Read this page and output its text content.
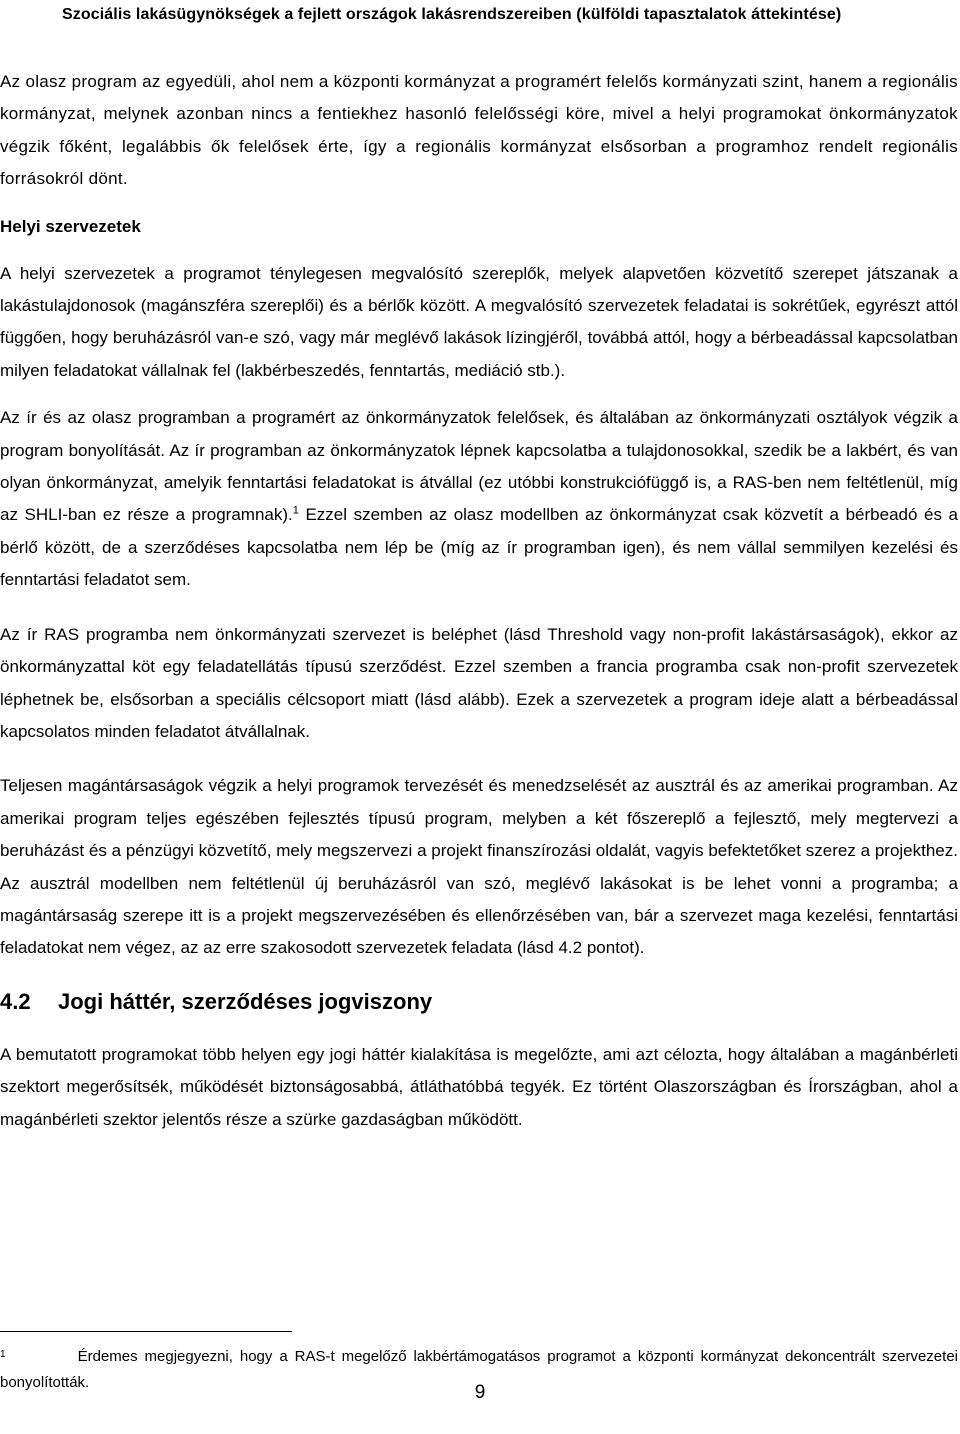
Szociális lakásügynökségek a fejlett országok lakásrendszereiben (külföldi tapasztalatok áttekintése)

Az olasz program az egyedüli, ahol nem a központi kormányzat a programért felelős kormányzati szint, hanem a regionális kormányzat, melynek azonban nincs a fentiekhez hasonló felelősségi köre, mivel a helyi programokat önkormányzatok végzik főként, legalábbis ők felelősek érte, így a regionális kormányzat elsősorban a programhoz rendelt regionális forrásokról dönt.

Helyi szervezetek

A helyi szervezetek a programot ténylegesen megvalósító szereplők, melyek alapvetően közvetítő szerepet játszanak a lakástulajdonosok (magánszféra szereplői) és a bérlők között. A megvalósító szervezetek feladatai is sokrétűek, egyrészt attól függően, hogy beruházásról van-e szó, vagy már meglévő lakások lízingjéről, továbbá attól, hogy a bérbeadással kapcsolatban milyen feladatokat vállalnak fel (lakbérbeszedés, fenntartás, mediáció stb.).

Az ír és az olasz programban a programért az önkormányzatok felelősek, és általában az önkormányzati osztályok végzik a program bonyolítását. Az ír programban az önkormányzatok lépnek kapcsolatba a tulajdonosokkal, szedik be a lakbért, és van olyan önkormányzat, amelyik fenntartási feladatokat is átvállal (ez utóbbi konstrukciófüggő is, a RAS-ben nem feltétlenül, míg az SHLI-ban ez része a programnak).$^1$ Ezzel szemben az olasz modellben az önkormányzat csak közvetít a bérbeadó és a bérlő között, de a szerződéses kapcsolatba nem lép be (míg az ír programban igen), és nem vállal semmilyen kezelési és fenntartási feladatot sem.

Az ír RAS programba nem önkormányzati szervezet is beléphet (lásd Threshold vagy non-profit lakástársaságok), ekkor az önkormányzattal köt egy feladatellátás típusú szerződést. Ezzel szemben a francia programba csak non-profit szervezetek léphetnek be, elsősorban a speciális célcsoport miatt (lásd alább). Ezek a szervezetek a program ideje alatt a bérbeadással kapcsolatos minden feladatot átvállalnak.

Teljesen magántársaságok végzik a helyi programok tervezését és menedzselését az ausztrál és az amerikai programban. Az amerikai program teljes egészében fejlesztés típusú program, melyben a két főszereplő a fejlesztő, mely megtervezi a beruházást és a pénzügyi közvetítő, mely megszervezi a projekt finanszírozási oldalát, vagyis befektetőket szerez a projekthez. Az ausztrál modellben nem feltétlenül új beruházásról van szó, meglévő lakásokat is be lehet vonni a programba; a magántársaság szerepe itt is a projekt megszervezésében és ellenőrzésében van, bár a szervezet maga kezelési, fenntartási feladatokat nem végez, az az erre szakosodott szervezetek feladata (lásd 4.2 pontot).

4.2 Jogi háttér, szerződéses jogviszony

A bemutatott programokat több helyen egy jogi háttér kialakítása is megelőzte, ami azt célozta, hogy általában a magánbérleti szektort megerősítsék, működését biztonságosabbá, átláthatóbbá tegyék. Ez történt Olaszországban és Írországban, ahol a magánbérleti szektor jelentős része a szürke gazdaságban működött.

$^1$	Érdemes megjegyezni, hogy a RAS-t megelőző lakbértámogatásos programot a központi kormányzat dekoncentrált szervezetei bonyolították.	9
